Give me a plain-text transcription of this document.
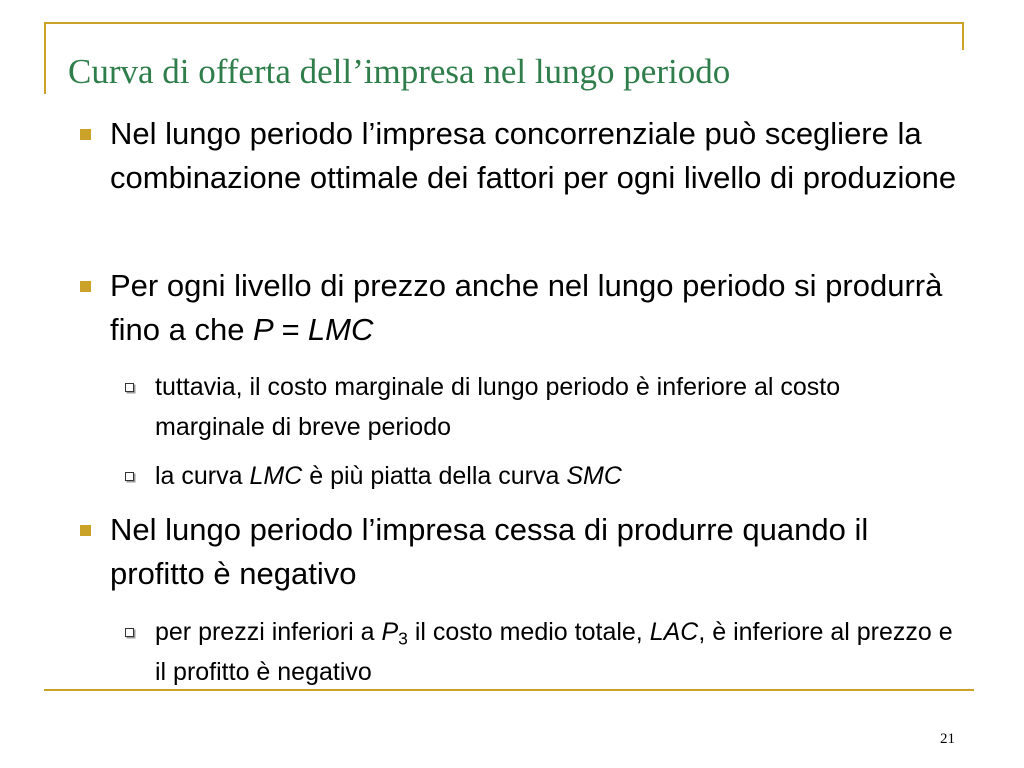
Curva di offerta dell’impresa nel lungo periodo
Nel lungo periodo l’impresa concorrenziale può scegliere la combinazione ottimale dei fattori per ogni livello di produzione
Per ogni livello di prezzo anche nel lungo periodo si produrrà fino a che P = LMC
tuttavia, il costo marginale di lungo periodo è inferiore al costo marginale di breve periodo
la curva LMC è più piatta della curva SMC
Nel lungo periodo l’impresa cessa di produrre quando il profitto è negativo
per prezzi inferiori a $P_3$ il costo medio totale, LAC, è inferiore al prezzo e il profitto è negativo
21
